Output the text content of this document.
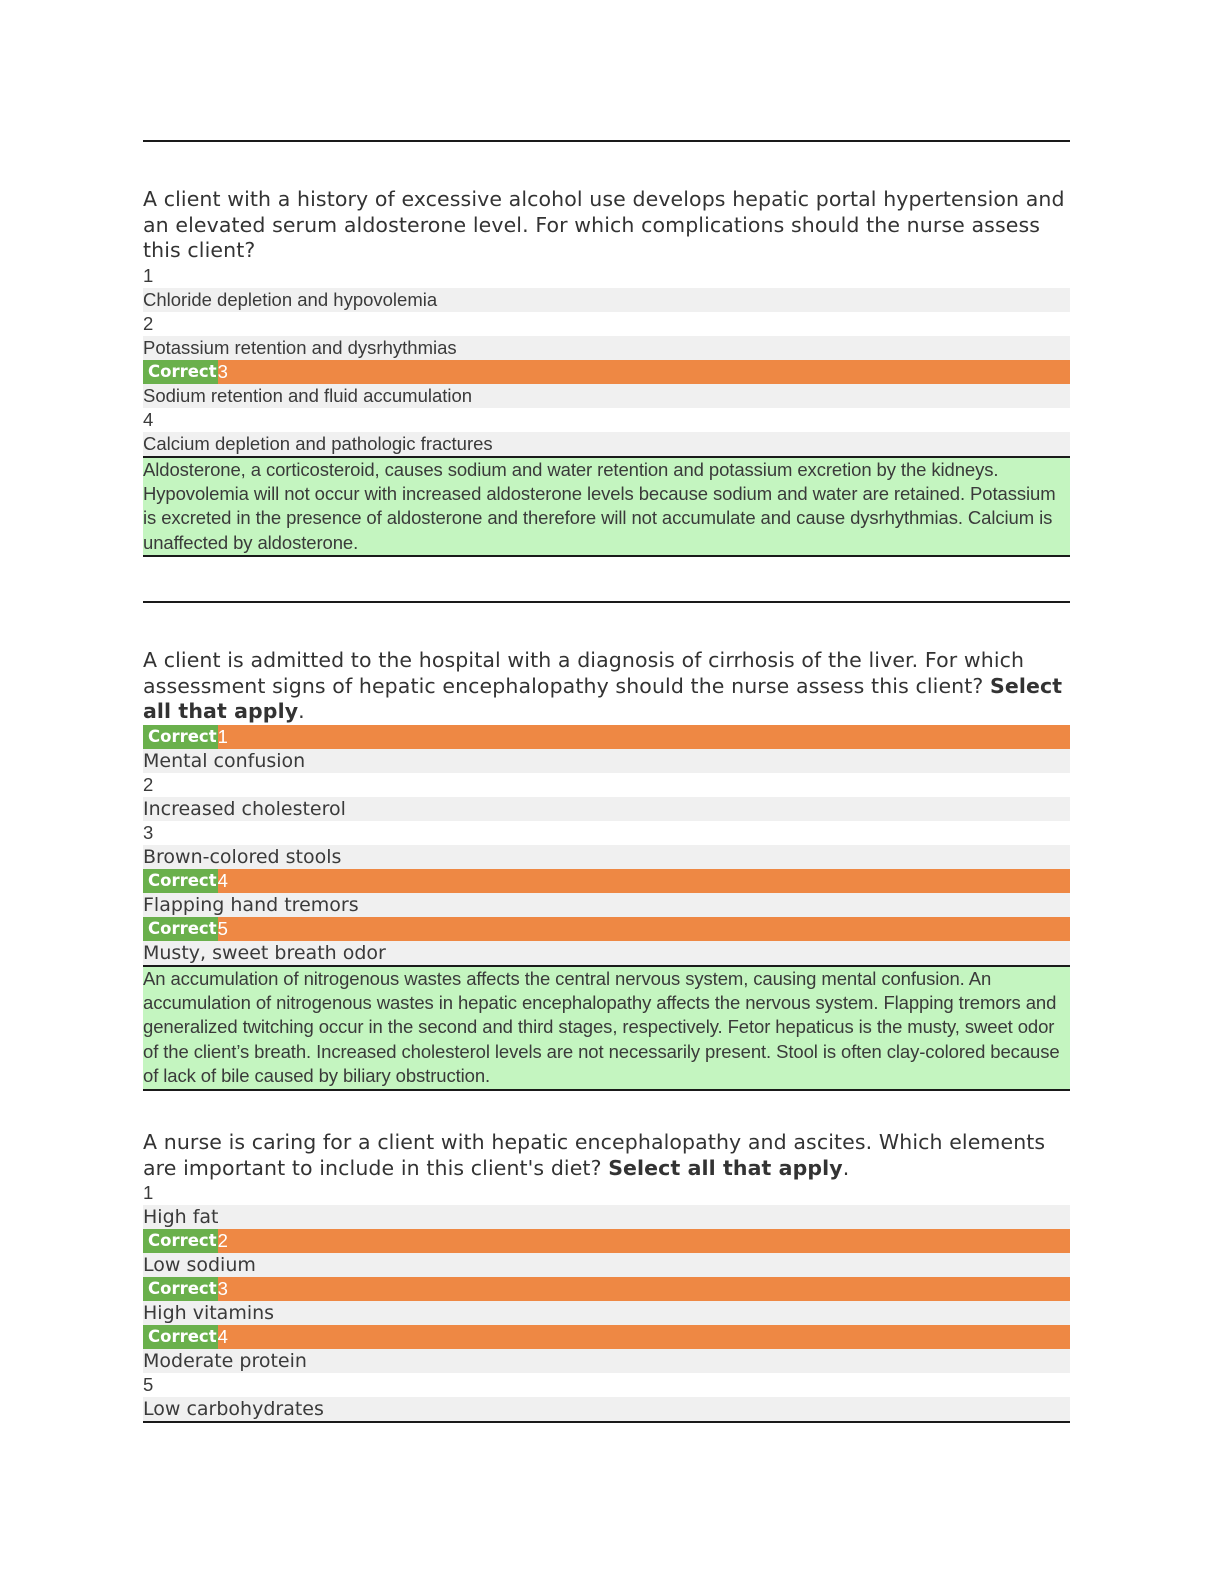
A client with a history of excessive alcohol use develops hepatic portal hypertension and an elevated serum aldosterone level. For which complications should the nurse assess this client?

1
Chloride depletion and hypovolemia
2
Potassium retention and dysrhythmias
Correct3
Sodium retention and fluid accumulation
4
Calcium depletion and pathologic fractures
Aldosterone, a corticosteroid, causes sodium and water retention and potassium excretion by the kidneys. Hypovolemia will not occur with increased aldosterone levels because sodium and water are retained. Potassium is excreted in the presence of aldosterone and therefore will not accumulate and cause dysrhythmias. Calcium is unaffected by aldosterone.

A client is admitted to the hospital with a diagnosis of cirrhosis of the liver. For which assessment signs of hepatic encephalopathy should the nurse assess this client? Select all that apply.

Correct1
Mental confusion
2
Increased cholesterol
3
Brown-colored stools
Correct4
Flapping hand tremors
Correct5
Musty, sweet breath odor
An accumulation of nitrogenous wastes affects the central nervous system, causing mental confusion. An accumulation of nitrogenous wastes in hepatic encephalopathy affects the nervous system. Flapping tremors and generalized twitching occur in the second and third stages, respectively. Fetor hepaticus is the musty, sweet odor of the client’s breath. Increased cholesterol levels are not necessarily present. Stool is often clay-colored because of lack of bile caused by biliary obstruction.

A nurse is caring for a client with hepatic encephalopathy and ascites. Which elements are important to include in this client's diet? Select all that apply.

1
High fat
Correct2
Low sodium
Correct3
High vitamins
Correct4
Moderate protein
5
Low carbohydrates
